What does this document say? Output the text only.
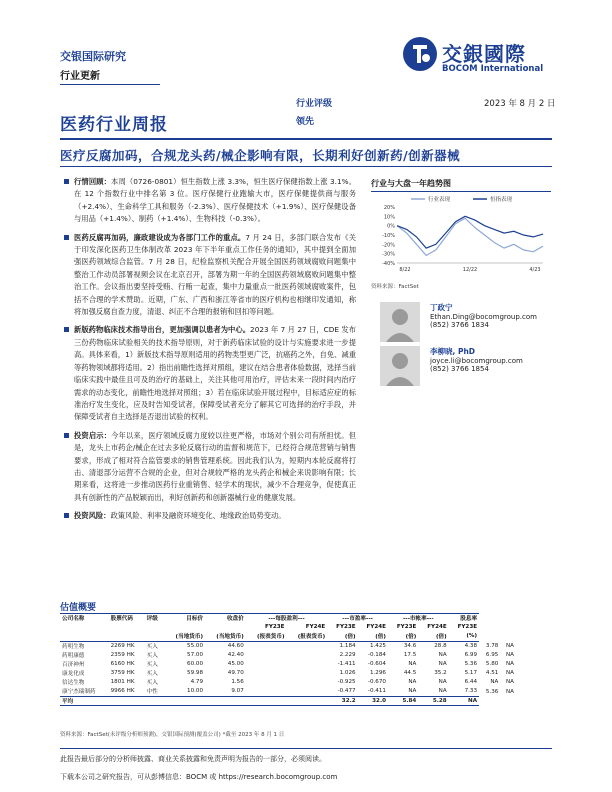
交银国际研究
行业更新
交銀國際
BOCOM International
医药行业周报
行业评级
领先
2023 年 8 月 2 日
医疗反腐加码，合规龙头药/械企影响有限，长期利好创新药/创新器械
行情回顾：本周（0726-0801）恒生指数上涨 3.3%，恒生医疗保健指数上涨 3.1%。在 12 个指数行业中排名第 3 位。医疗保健行业跑输大市，医疗保健提供商与服务（+2.4%）、生命科学工具和服务（-2.3%）、医疗保健技术（+1.9%）、医疗保健设备与用品（+1.4%）、制药（+1.4%）、生物科技（-0.3%）。
医药反腐再加码，廉政建设成为各部门工作的重点。7 月 24 日，多部门联合发布《关于印发深化医药卫生体制改革 2023 年下半年重点工作任务的通知》，其中提到全面加强医药领域综合监管。7 月 28 日，纪检监察机关配合开展全国医药领域腐败问题集中整治工作动员部署视频会议在北京召开，部署为期一年的全国医药领域腐败问题集中整治工作。会议指出要坚持受贿、行贿一起查，集中力量重点一批医药领域腐败案件，包括不合理的学术赞助。近期，广东、广西和浙江等省市的医疗机构也相继印发通知，称将加强反腐自查力度，清退、纠正不合理的报销和回扣等问题。
新版药物临床技术指导出台，更加强调以患者为中心。2023 年 7 月 27 日，CDE 发布三份药物临床试验相关的技术指导原则，对于新药临床试验的设计与实施要求进一步提高。具体来看，1）新版技术指导原则适用的药物类型更广泛，抗癌药之外，自免、减重等药物领域都将适用。2）指出前瞻性选择对照组，建议在结合患者体验数据，选择当前临床实践中最佳且可及的治疗的基础上，关注其他可用治疗，评估未来一段时间内治疗需求的动态变化，前瞻性地选择对照组；3）若在临床试验开展过程中，目标适应症的标准治疗发生变化，应及时告知受试者，保障受试者充分了解其它可选择的治疗手段，并保障受试者自主选择是否退出试验的权利。
投资启示：今年以来，医疗领域反腐力度较以往更严格，市场对个别公司有所担忧。但是，龙头上市药企/械企在过去多轮反腐行动的监督和规范下，已经符合规范营销与销售要求，形成了相对符合监管要求的销售管理系统。因此我们认为，短期内本轮反腐将打击、清退部分运营不合规的企业，但对合规较严格的龙头药企和械企来说影响有限；长期来看，这将进一步推动医药行业重销售、轻学术的现状，减少不合理竞争，促使真正具有创新性的产品脱颖而出，利好创新药和创新器械行业的健康发展。
投资风险：政策风险、利率及融资环境变化、地缘政治局势变动。
行业与大盘一年趋势图
行业表现	恒指表现
20%
10%
0%
-10%
-20%
-30%
-40%
8/22	12/22	4/23
资料来源：FactSet
丁政宁
Ethan.Ding@bocomgroup.com
(852) 3766 1834
李柳晓, PhD
joyce.li@bocomgroup.com
(852) 3766 1854
估值概要
公司名称	股票代码	评级	目标价	收盘价	---每股盈利---		---市盈率---		---市帐率---		股息率		
					FY23E	FY24E	FY23E	FY24E	FY23E	FY24E	FY23E		
			(当地货币)	(当地货币)	(报表货币)	(报表货币)	(倍)	(倍)	(倍)	(倍)	(%)		
药明生物	2269 HK	买入	55.00	44.60			1.184	1.425	34.6	28.8	4.38	3.78	NA
药明康德	2359 HK	买入	57.00	42.40			2.229	-0.184	17.5	NA	6.99	6.95	NA
百济神州	6160 HK	买入	60.00	45.00			-1.411	-0.604	NA	NA	5.36	5.80	NA
康龙化成	3759 HK	买入	59.98	49.70			1.026	1.296	44.5	35.2	5.17	4.51	NA
信达生物	1801 HK	买入	4.79	1.56			-0.925	-0.670	NA	NA	6.44	NA	NA
康宁杰瑞制药	9966 HK	中性	10.00	9.07			-0.477	-0.411	NA	NA	7.33	5.36	NA
平均							32.2	32.0	5.84	5.28	NA		
资料来源：FactSet(未评级分析师预测)，交银国际预测(覆盖公司) *截至 2023 年 8 月 1 日
此报告最后部分的分析师披露、商业关系披露和免责声明为报告的一部分，必须阅读。
下载本公司之研究报告，可从彭博信息：BOCM 或 https://research.bocomgroup.com
